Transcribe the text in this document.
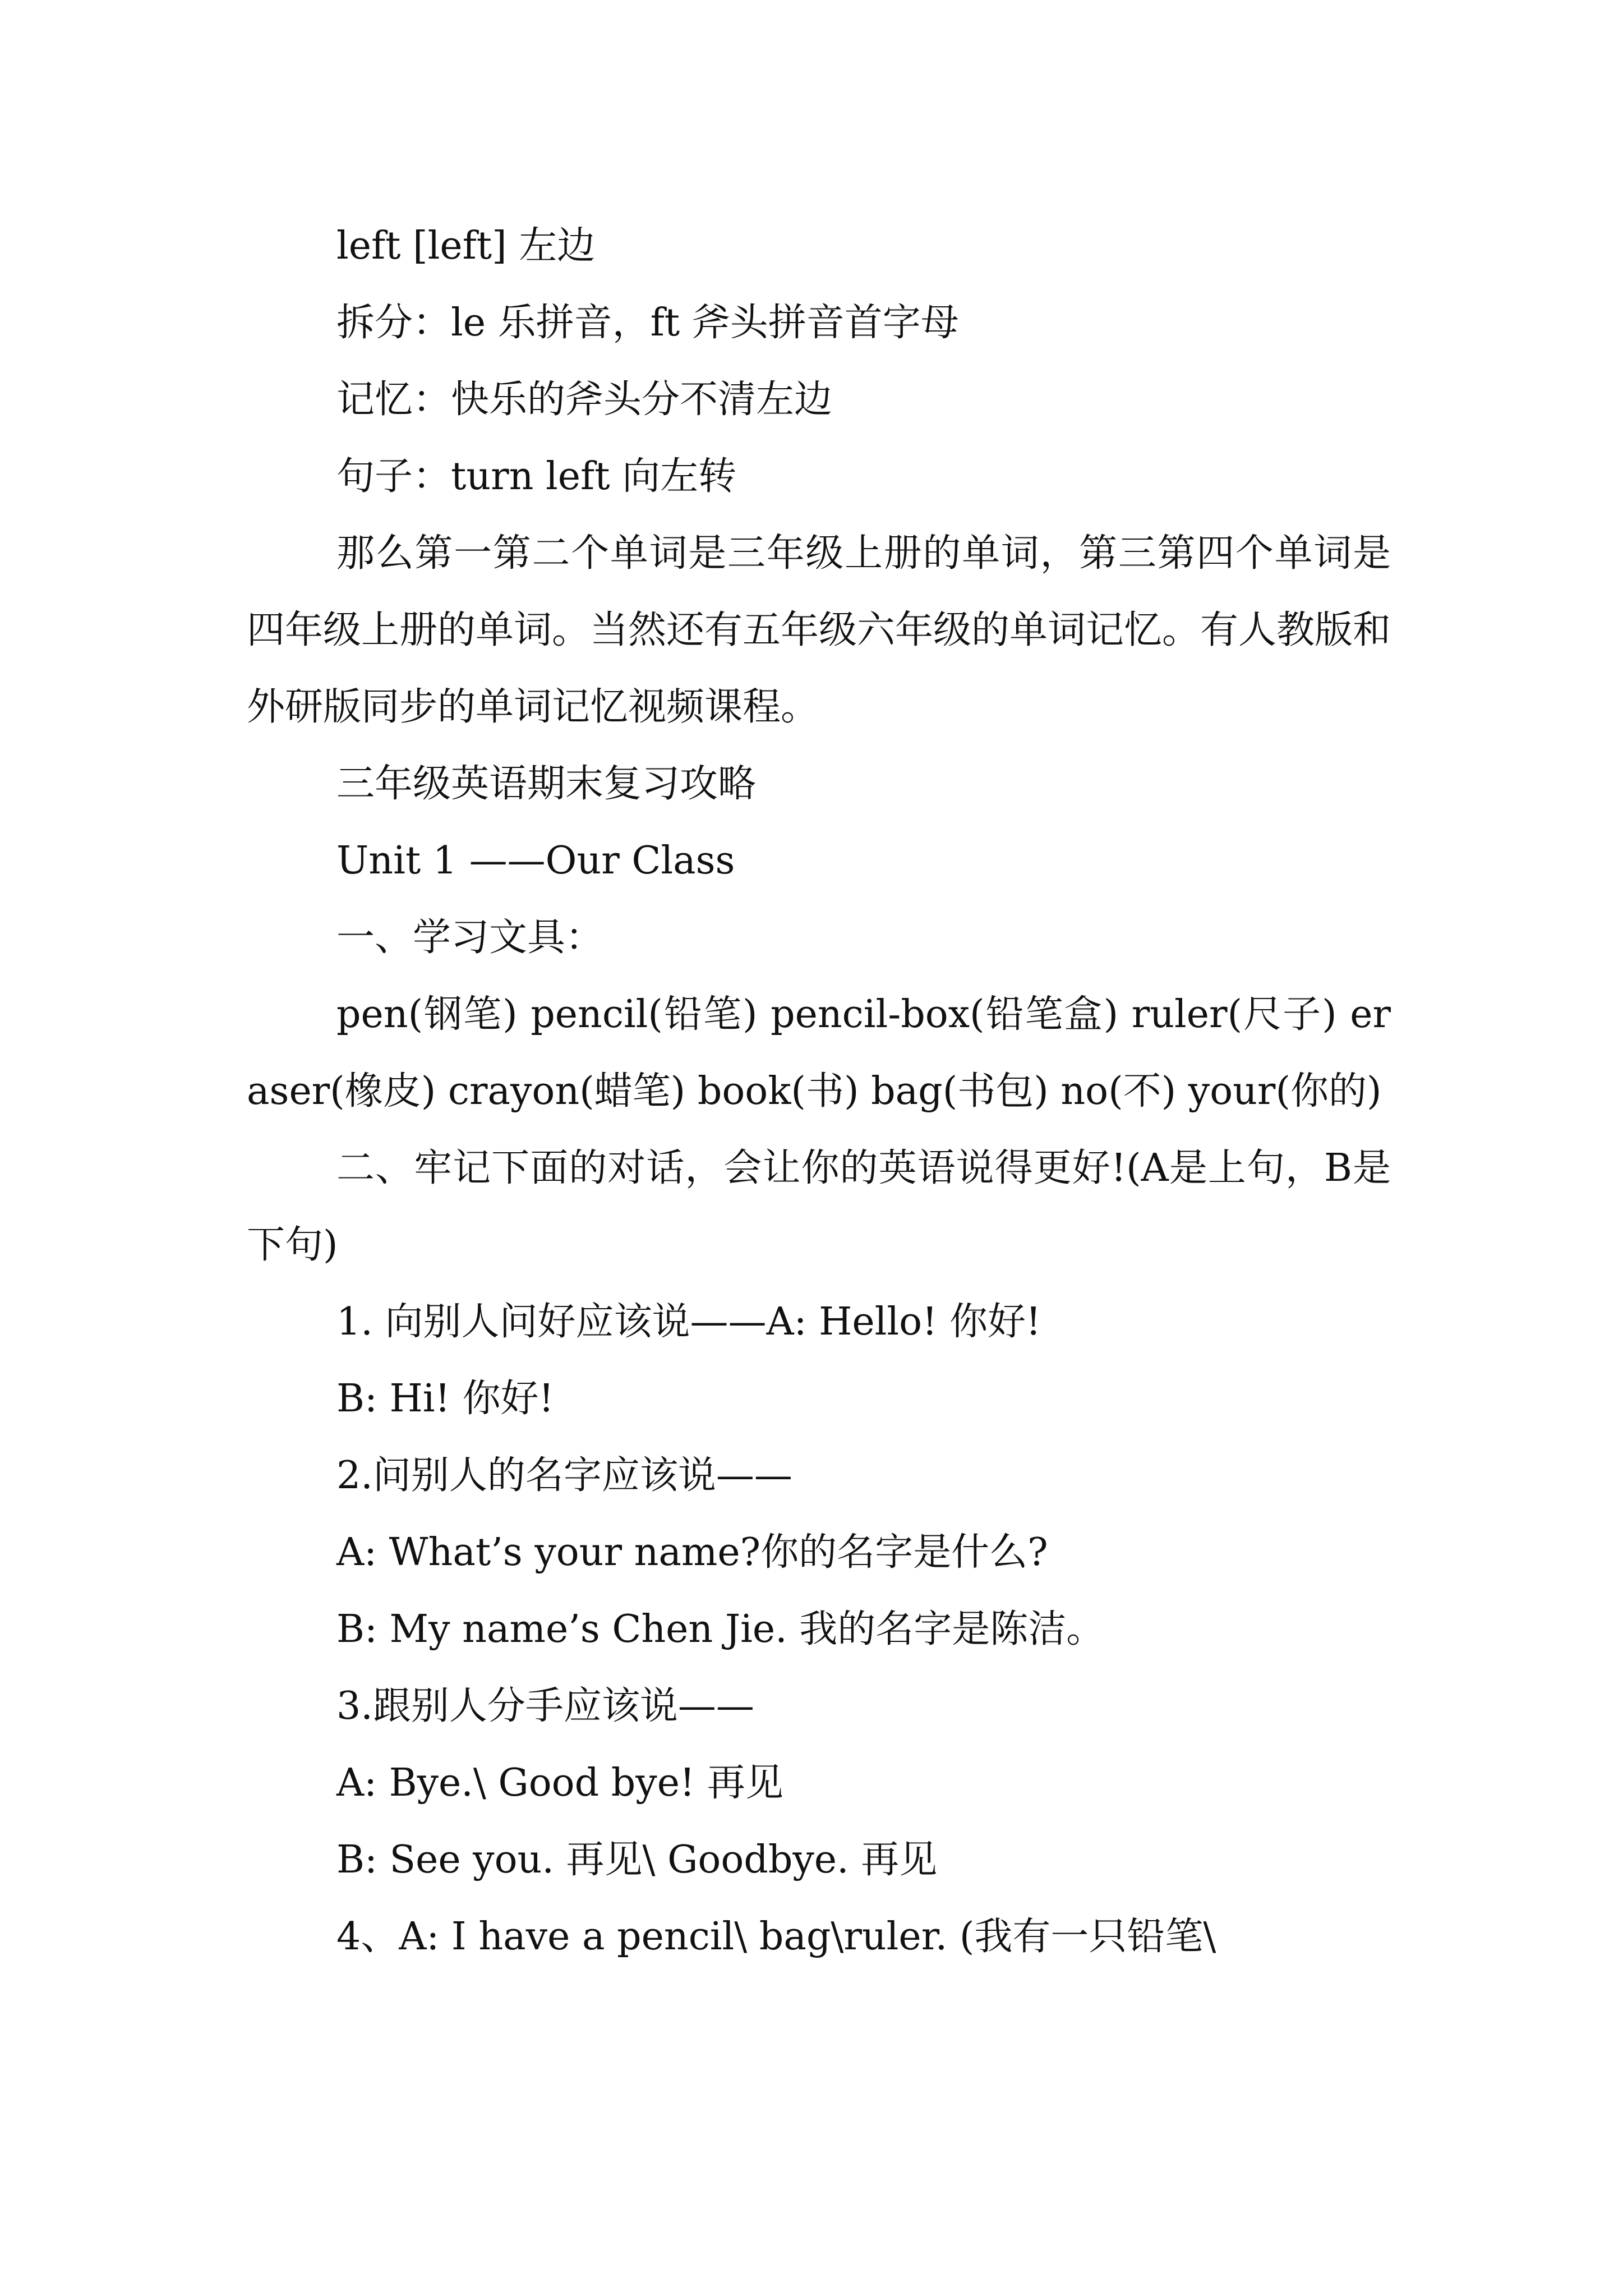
left [left] 左边

拆分：le 乐拼音，ft 斧头拼音首字母

记忆：快乐的斧头分不清左边

句子：turn left 向左转

那么第一第二个单词是三年级上册的单词，第三第四个单词是四年级上册的单词。当然还有五年级六年级的单词记忆。有人教版和外研版同步的单词记忆视频课程。

三年级英语期末复习攻略

Unit 1 ——Our Class

一、学习文具：

pen(钢笔) pencil(铅笔) pencil-box(铅笔盒) ruler(尺子) eraser(橡皮) crayon(蜡笔) book(书) bag(书包) no(不) your(你的)

二、牢记下面的对话，会让你的英语说得更好!(A是上句，B是下句)

1. 向别人问好应该说——A: Hello! 你好!

B: Hi! 你好!

2.问别人的名字应该说——

A: What’s your name?你的名字是什么?

B: My name’s Chen Jie. 我的名字是陈洁。

3.跟别人分手应该说——

A: Bye.\ Good bye! 再见

B: See you. 再见\ Goodbye. 再见

4、A: I have a pencil\ bag\ruler. (我有一只铅笔\
